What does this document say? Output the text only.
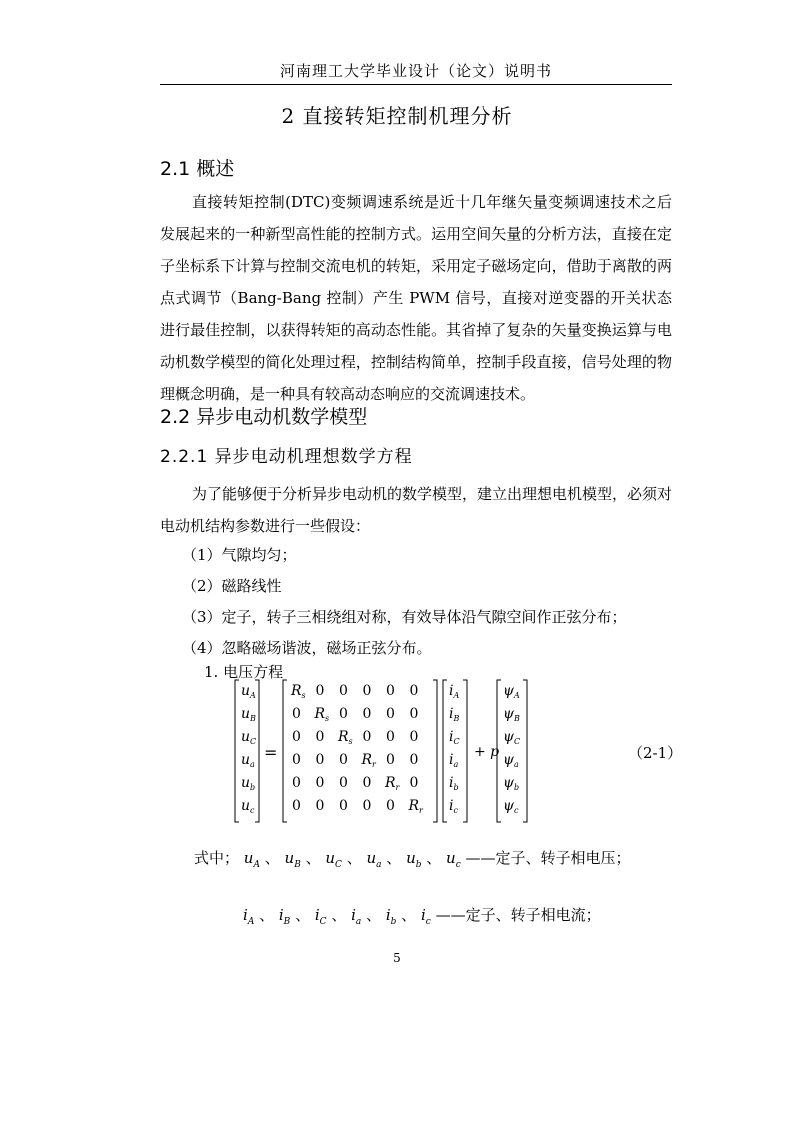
河南理工大学毕业设计（论文）说明书
2 直接转矩控制机理分析
2.1 概述
直接转矩控制(DTC)变频调速系统是近十几年继矢量变频调速技术之后发展起来的一种新型高性能的控制方式。运用空间矢量的分析方法，直接在定子坐标系下计算与控制交流电机的转矩，采用定子磁场定向，借助于离散的两点式调节（Bang-Bang 控制）产生 PWM 信号，直接对逆变器的开关状态进行最佳控制，以获得转矩的高动态性能。其省掉了复杂的矢量变换运算与电动机数学模型的简化处理过程，控制结构简单，控制手段直接，信号处理的物理概念明确，是一种具有较高动态响应的交流调速技术。
2.2 异步电动机数学模型
2.2.1 异步电动机理想数学方程
为了能够便于分析异步电动机的数学模型，建立出理想电机模型，必须对电动机结构参数进行一些假设：
（1）气隙均匀；
（2）磁路线性
（3）定子，转子三相绕组对称，有效导体沿气隙空间作正弦分布；
（4）忽略磁场谐波，磁场正弦分布。
1. 电压方程
$u_A$
$u_B$
$u_C$
$u_a$
$u_b$
$u_c$
=
$R_s$ 0 0 0 0 0
0 $R_s$ 0 0 0 0
0 0 $R_s$ 0 0 0
0 0 0 $R_r$ 0 0
0 0 0 0 $R_r$ 0
0 0 0 0 0 $R_r$
$i_A$
$i_B$
$i_C$
$i_a$
$i_b$
$i_c$
+ p
$\psi_A$
$\psi_B$
$\psi_C$
$\psi_a$
$\psi_b$
$\psi_c$
（2-1）
式中； $u_A$ 、 $u_B$ 、 $u_C$ 、 $u_a$ 、 $u_b$ 、 $u_c$ ——定子、转子相电压；
$i_A$ 、 $i_B$ 、 $i_C$ 、 $i_a$ 、 $i_b$ 、 $i_c$ ——定子、转子相电流；
5
